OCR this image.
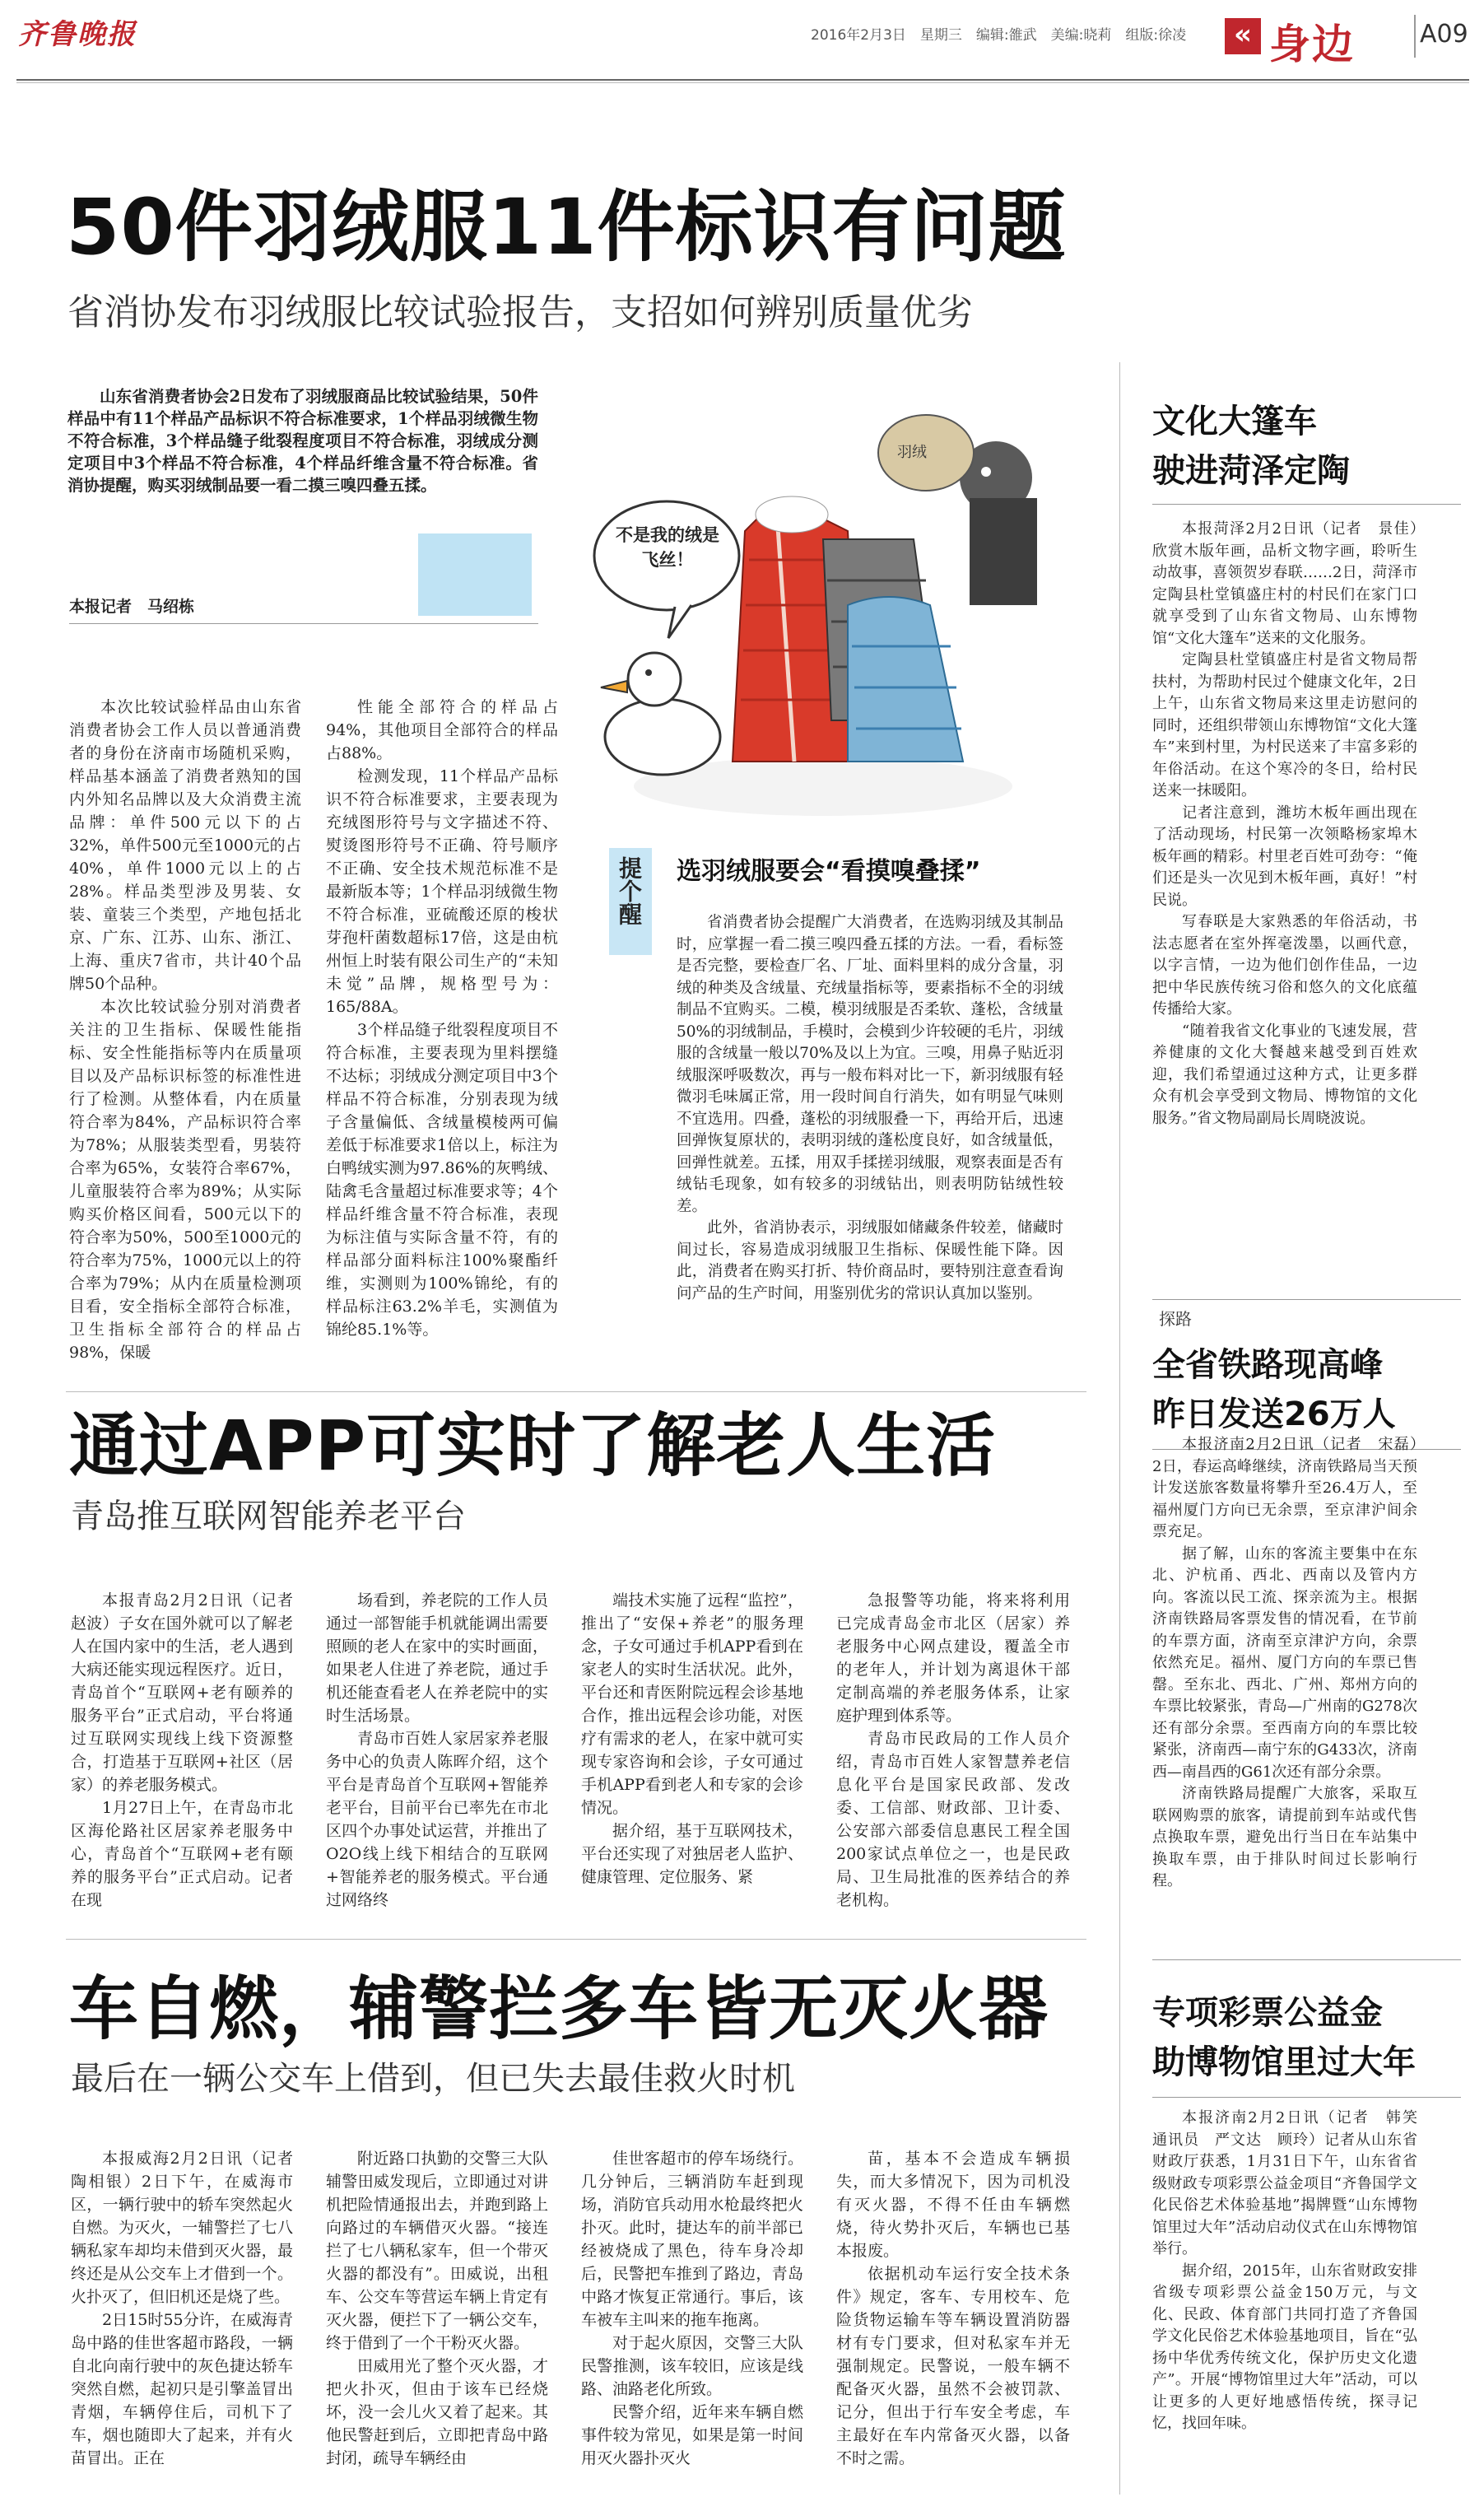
齐鲁晚报	2016年2月3日　星期三　编辑:雒武　美编:晓莉　组版:徐凌	« 身边	A09
50件羽绒服11件标识有问题
省消协发布羽绒服比较试验报告，支招如何辨别质量优劣

山东省消费者协会2日发布了羽绒服商品比较试验结果，50件样品中有11个样品产品标识不符合标准要求，1个样品羽绒微生物不符合标准，3个样品缝子纰裂程度项目不符合标准，羽绒成分测定项目中3个样品不符合标准，4个样品纤维含量不符合标准。省消协提醒，购买羽绒制品要一看二摸三嗅四叠五揉。

本报记者　马绍栋

本次比较试验样品由山东省消费者协会工作人员以普通消费者的身份在济南市场随机采购，样品基本涵盖了消费者熟知的国内外知名品牌以及大众消费主流品牌：单件500元以下的占32%，单件500元至1000元的占40%，单件1000元以上的占28%。样品类型涉及男装、女装、童装三个类型，产地包括北京、广东、江苏、山东、浙江、上海、重庆7省市，共计40个品牌50个品种。

本次比较试验分别对消费者关注的卫生指标、保暖性能指标、安全性能指标等内在质量项目以及产品标识标签的标准性进行了检测。从整体看，内在质量符合率为84%，产品标识符合率为78%；从服装类型看，男装符合率为65%，女装符合率67%，儿童服装符合率为89%；从实际购买价格区间看，500元以下的符合率为50%，500至1000元的符合率为75%，1000元以上的符合率为79%；从内在质量检测项目看，安全指标全部符合标准，卫生指标全部符合的样品占98%，保暖

性能全部符合的样品占94%，其他项目全部符合的样品占88%。

检测发现，11个样品产品标识不符合标准要求，主要表现为充绒图形符号与文字描述不符、熨烫图形符号不正确、符号顺序不正确、安全技术规范标准不是最新版本等；1个样品羽绒微生物不符合标准，亚硫酸还原的梭状芽孢杆菌数超标17倍，这是由杭州恒上时装有限公司生产的“未知未觉”品牌，规格型号为：165/88A。

3个样品缝子纰裂程度项目不符合标准，主要表现为里料摆缝不达标；羽绒成分测定项目中3个样品不符合标准，分别表现为绒子含量偏低、含绒量模棱两可偏差低于标准要求1倍以上，标注为白鸭绒实测为97.86%的灰鸭绒、陆禽毛含量超过标准要求等；4个样品纤维含量不符合标准，表现为标注值与实际含量不符，有的样品部分面料标注100%聚酯纤维，实测则为100%锦纶，有的样品标注63.2%羊毛，实测值为锦纶85.1%等。

羽绒
不是我的绒是飞丝！
提个醒 选羽绒服要会“看摸嗅叠揉”

省消费者协会提醒广大消费者，在选购羽绒及其制品时，应掌握一看二摸三嗅四叠五揉的方法。一看，看标签是否完整，要检查厂名、厂址、面料里料的成分含量，羽绒的种类及含绒量、充绒量指标等，要素指标不全的羽绒制品不宜购买。二模，模羽绒服是否柔软、蓬松，含绒量50%的羽绒制品，手模时，会模到少许较硬的毛片，羽绒服的含绒量一般以70%及以上为宜。三嗅，用鼻子贴近羽绒服深呼吸数次，再与一般布料对比一下，新羽绒服有轻微羽毛味属正常，用一段时间自行消失，如有明显气味则不宜选用。四叠，蓬松的羽绒服叠一下，再给开后，迅速回弹恢复原状的，表明羽绒的蓬松度良好，如含绒量低，回弹性就差。五揉，用双手揉搓羽绒服，观察表面是否有绒钻毛现象，如有较多的羽绒钻出，则表明防钻绒性较差。

此外，省消协表示，羽绒服如储藏条件较差，储藏时间过长，容易造成羽绒服卫生指标、保暖性能下降。因此，消费者在购买打折、特价商品时，要特别注意查看询问产品的生产时间，用鉴别优劣的常识认真加以鉴别。

通过APP可实时了解老人生活
青岛推互联网智能养老平台

本报青岛2月2日讯（记者赵波）子女在国外就可以了解老人在国内家中的生活，老人遇到大病还能实现远程医疗。近日，青岛首个“互联网+老有颐养的服务平台”正式启动，平台将通过互联网实现线上线下资源整合，打造基于互联网+社区（居家）的养老服务模式。

1月27日上午，在青岛市北区海伦路社区居家养老服务中心，青岛首个“互联网+老有颐养的服务平台”正式启动。记者在现

场看到，养老院的工作人员通过一部智能手机就能调出需要照顾的老人在家中的实时画面，如果老人住进了养老院，通过手机还能查看老人在养老院中的实时生活场景。

青岛市百姓人家居家养老服务中心的负责人陈晖介绍，这个平台是青岛首个互联网+智能养老平台，目前平台已率先在市北区四个办事处试运营，并推出了O2O线上线下相结合的互联网+智能养老的服务模式。平台通过网络终

端技术实施了远程“监控”，推出了“安保+养老”的服务理念，子女可通过手机APP看到在家老人的实时生活状况。此外，平台还和青医附院远程会诊基地合作，推出远程会诊功能，对医疗有需求的老人，在家中就可实现专家咨询和会诊，子女可通过手机APP看到老人和专家的会诊情况。

据介绍，基于互联网技术，平台还实现了对独居老人监护、健康管理、定位服务、紧

急报警等功能，将来将利用已完成青岛金市北区（居家）养老服务中心网点建设，覆盖全市的老年人，并计划为离退休干部定制高端的养老服务体系，让家庭护理到体系等。

青岛市民政局的工作人员介绍，青岛市百姓人家智慧养老信息化平台是国家民政部、发改委、工信部、财政部、卫计委、公安部六部委信息惠民工程全国200家试点单位之一，也是民政局、卫生局批准的医养结合的养老机构。

车自燃，辅警拦多车皆无灭火器
最后在一辆公交车上借到，但已失去最佳救火时机

本报威海2月2日讯（记者陶相银）2日下午，在威海市区，一辆行驶中的轿车突然起火自燃。为灭火，一辅警拦了七八辆私家车却均未借到灭火器，最终还是从公交车上才借到一个。火扑灭了，但旧机还是烧了些。

2日15时55分许，在威海青岛中路的佳世客超市路段，一辆自北向南行驶中的灰色捷达轿车突然自燃，起初只是引擎盖冒出青烟，车辆停住后，司机下了车，烟也随即大了起来，并有火苗冒出。正在

附近路口执勤的交警三大队辅警田威发现后，立即通过对讲机把险情通报出去，并跑到路上向路过的车辆借灭火器。“接连拦了七八辆私家车，但一个带灭火器的都没有”。田威说，出租车、公交车等营运车辆上肯定有灭火器，便拦下了一辆公交车，终于借到了一个干粉灭火器。

田威用光了整个灭火器，才把火扑灭，但由于该车已经烧坏，没一会儿火又着了起来。其他民警赶到后，立即把青岛中路封闭，疏导车辆经由

佳世客超市的停车场绕行。几分钟后，三辆消防车赶到现场，消防官兵动用水枪最终把火扑灭。此时，捷达车的前半部已经被烧成了黑色，待车身冷却后，民警把车推到了路边，青岛中路才恢复正常通行。事后，该车被车主叫来的拖车拖离。

对于起火原因，交警三大队民警推测，该车较旧，应该是线路、油路老化所致。

民警介绍，近年来车辆自燃事件较为常见，如果是第一时间用灭火器扑灭火

苗，基本不会造成车辆损失，而大多情况下，因为司机没有灭火器，不得不任由车辆燃烧，待火势扑灭后，车辆也已基本报废。

依据机动车运行安全技术条件》规定，客车、专用校车、危险货物运输车等车辆设置消防器材有专门要求，但对私家车并无强制规定。民警说，一般车辆不配备灭火器，虽然不会被罚款、记分，但出于行车安全考虑，车主最好在车内常备灭火器，以备不时之需。

文化大篷车
驶进菏泽定陶

本报菏泽2月2日讯（记者　景佳）　欣赏木版年画，品析文物字画，聆听生动故事，喜领贺岁春联……2日，菏泽市定陶县杜堂镇盛庄村的村民们在家门口就享受到了山东省文物局、山东博物馆“文化大篷车”送来的文化服务。

定陶县杜堂镇盛庄村是省文物局帮扶村，为帮助村民过个健康文化年，2日上午，山东省文物局来这里走访慰问的同时，还组织带领山东博物馆“文化大篷车”来到村里，为村民送来了丰富多彩的年俗活动。在这个寒冷的冬日，给村民送来一抹暖阳。

记者注意到，潍坊木板年画出现在了活动现场，村民第一次领略杨家埠木板年画的精彩。村里老百姓可劲夸：“俺们还是头一次见到木板年画，真好！”村民说。

写春联是大家熟悉的年俗活动，书法志愿者在室外挥毫泼墨，以画代意，以字言情，一边为他们创作佳品，一边把中华民族传统习俗和悠久的文化底蕴传播给大家。

“随着我省文化事业的飞速发展，营养健康的文化大餐越来越受到百姓欢迎，我们希望通过这种方式，让更多群众有机会享受到文物局、博物馆的文化服务。”省文物局副局长周晓波说。

探路
全省铁路现高峰
昨日发送26万人

本报济南2月2日讯（记者　宋磊）　2日，春运高峰继续，济南铁路局当天预计发送旅客数量将攀升至26.4万人，至福州厦门方向已无余票，至京津沪间余票充足。

据了解，山东的客流主要集中在东北、沪杭甬、西北、西南以及管内方向。客流以民工流、探亲流为主。根据济南铁路局客票发售的情况看，在节前的车票方面，济南至京津沪方向，余票依然充足。福州、厦门方向的车票已售罄。至东北、西北、广州、郑州方向的车票比较紧张，青岛—广州南的G278次还有部分余票。至西南方向的车票比较紧张，济南西—南宁东的G433次，济南西—南昌西的G61次还有部分余票。

济南铁路局提醒广大旅客，采取互联网购票的旅客，请提前到车站或代售点换取车票，避免出行当日在车站集中换取车票，由于排队时间过长影响行程。

专项彩票公益金
助博物馆里过大年

本报济南2月2日讯（记者　韩笑　通讯员　严文达　顾玲）记者从山东省财政厅获悉，1月31日下午，山东省省级财政专项彩票公益金项目“齐鲁国学文化民俗艺术体验基地”揭牌暨“山东博物馆里过大年”活动启动仪式在山东博物馆举行。

据介绍，2015年，山东省财政安排省级专项彩票公益金150万元，与文化、民政、体育部门共同打造了齐鲁国学文化民俗艺术体验基地项目，旨在“弘扬中华优秀传统文化，保护历史文化遗产”。开展“博物馆里过大年”活动，可以让更多的人更好地感悟传统，探寻记忆，找回年味。
